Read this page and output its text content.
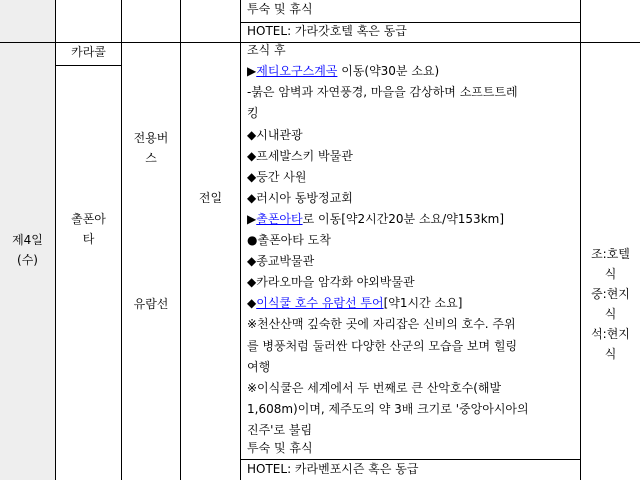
투숙 및 휴식
HOTEL: 가라갓호텔 혹은 동급
제4일
(수)
카라콜
촐폰아
타
전용버
스
유람선
전일
조식 후
▶제티오구스계곡 이동(약30분 소요)
-붉은 암벽과 자연풍경, 마을을 감상하며 소프트트레
킹
◆시내관광
◆프세발스키 박물관
◆둥간 사원
◆러시아 동방정교회
▶촐폰아타로 이동[약2시간20분 소요/약153km]
●촐폰아타 도착
◆종교박물관
◆카라오마을 암각화 야외박물관
◆이식쿨 호수 유람선 투어[약1시간 소요]
※천산산맥 깊숙한 곳에 자리잡은 신비의 호수. 주위
를 병풍처럼 둘러싼 다양한 산군의 모습을 보며 힐링
여행
※이식쿨은 세계에서 두 번째로 큰 산악호수(해발
1,608m)이며, 제주도의 약 3배 크기로 '중앙아시아의
진주'로 불림
투숙 및 휴식
HOTEL: 카라벤포시즌 혹은 동급
조:호텔
식
중:현지
식
석:현지
식
